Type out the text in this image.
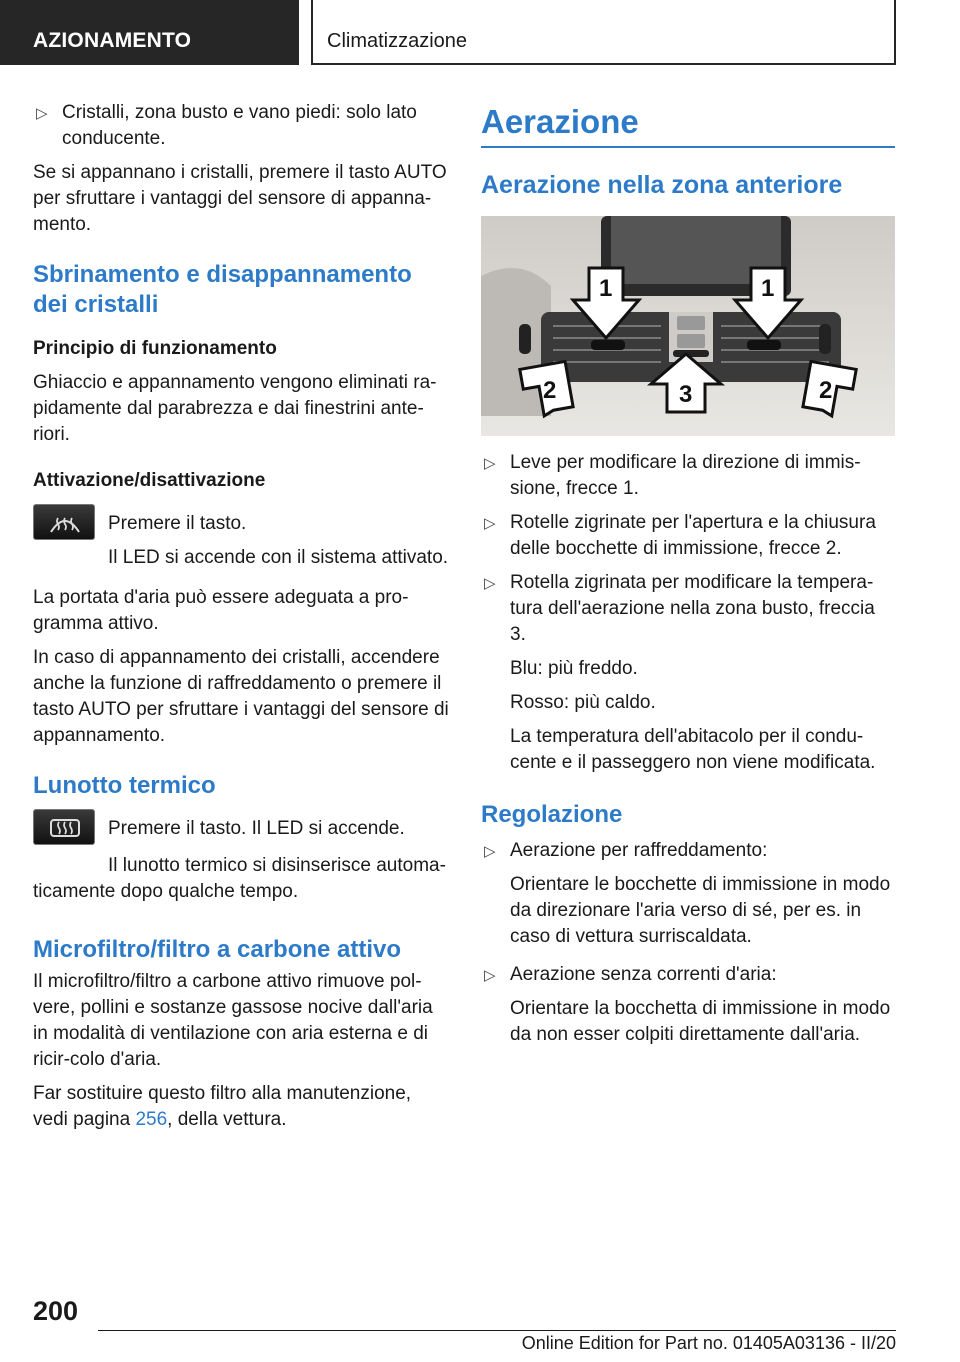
AZIONAMENTO	Climatizzazione

▷ Cristalli, zona busto e vano piedi: solo lato conducente.

Se si appannano i cristalli, premere il tasto AUTO per sfruttare i vantaggi del sensore di appanna‐mento.

Sbrinamento e disappannamento dei cristalli
Principio di funzionamento

Ghiaccio e appannamento vengono eliminati ra‐pidamente dal parabrezza e dai finestrini ante‐riori.

Attivazione/disattivazione

Premere il tasto.

Il LED si accende con il sistema attivato.

La portata d'aria può essere adeguata a pro‐gramma attivo.

In caso di appannamento dei cristalli, accendere anche la funzione di raffreddamento o premere il tasto AUTO per sfruttare i vantaggi del sensore di appannamento.

Lunotto termico

Premere il tasto. Il LED si accende.

Il lunotto termico si disinserisce automa‐ticamente dopo qualche tempo.

Microfiltro/filtro a carbone attivo

Il microfiltro/filtro a carbone attivo rimuove pol‐vere, pollini e sostanze gassose nocive dall'aria in modalità di ventilazione con aria esterna e di ricir‐colo d'aria.

Far sostituire questo filtro alla manutenzione, vedi pagina 256, della vettura.

Aerazione
Aerazione nella zona anteriore
1	1
2	3	2

▷ Leve per modificare la direzione di immis‐sione, frecce 1.

▷ Rotelle zigrinate per l'apertura e la chiusura delle bocchette di immissione, frecce 2.

▷ Rotella zigrinata per modificare la tempera‐tura dell'aerazione nella zona busto, freccia 3.

Blu: più freddo.

Rosso: più caldo.

La temperatura dell'abitacolo per il condu‐cente e il passeggero non viene modificata.

Regolazione

▷ Aerazione per raffreddamento:

Orientare le bocchette di immissione in modo da direzionare l'aria verso di sé, per es. in caso di vettura surriscaldata.

▷ Aerazione senza correnti d'aria:

Orientare la bocchetta di immissione in modo da non esser colpiti direttamente dall'aria.

200
Online Edition for Part no. 01405A03136 - II/20
